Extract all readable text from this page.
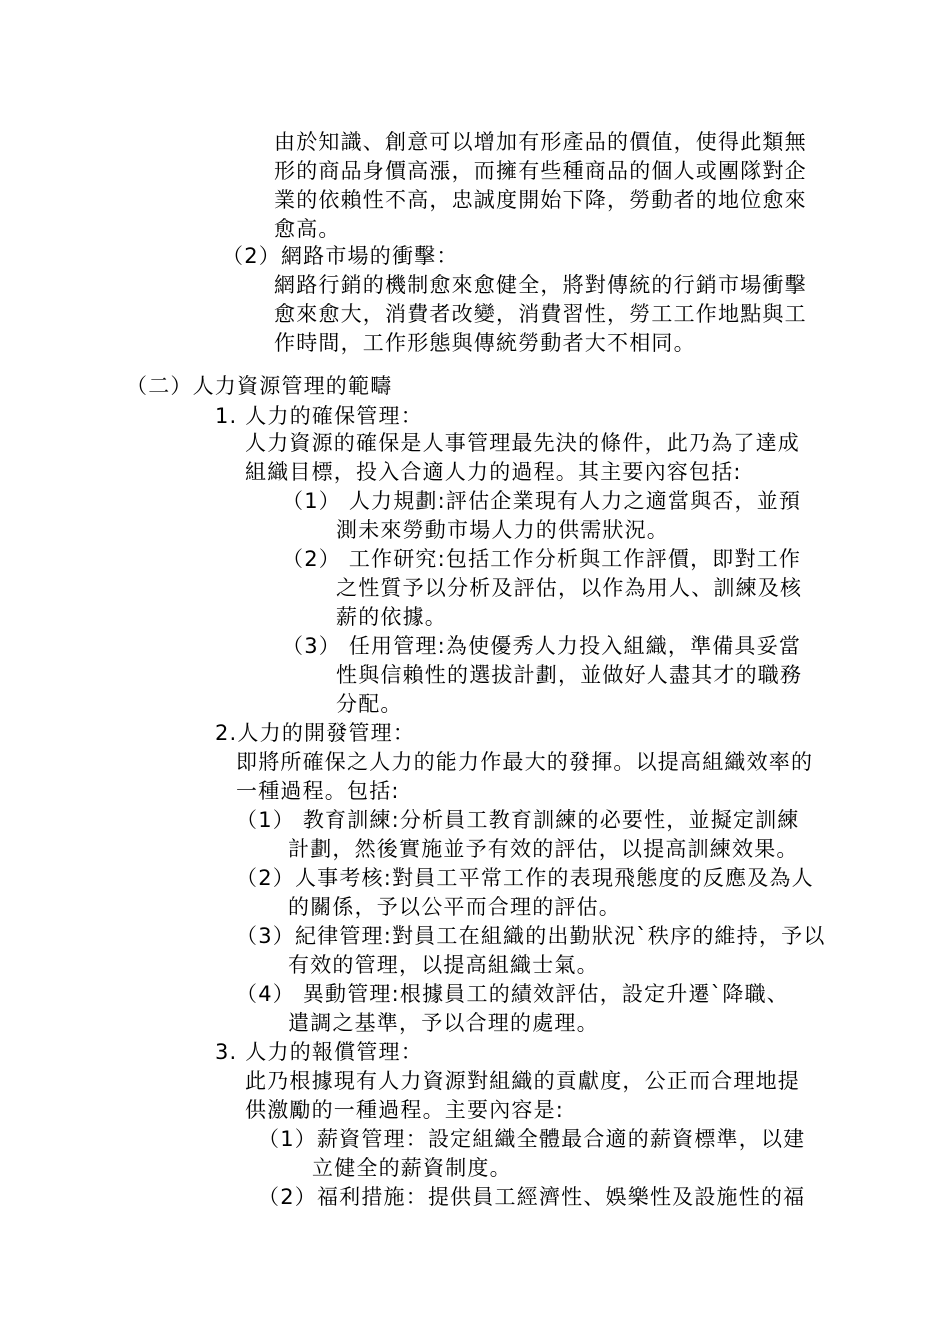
由於知識、創意可以增加有形產品的價值，使得此類無
形的商品身價高漲，而擁有些種商品的個人或團隊對企
業的依賴性不高，忠誠度開始下降，勞動者的地位愈來
愈高。
（2）網路市場的衝擊：
網路行銷的機制愈來愈健全，將對傳統的行銷市場衝擊
愈來愈大，消費者改變，消費習性，勞工工作地點與工
作時間，工作形態與傳統勞動者大不相同。
（二）人力資源管理的範疇
1. 人力的確保管理：
人力資源的確保是人事管理最先決的條件，此乃為了達成
組織目標，投入合適人力的過程。其主要內容包括:
（1） 人力規劃:評估企業現有人力之適當與否，並預
測未來勞動市場人力的供需狀況。
（2） 工作研究:包括工作分析與工作評價，即對工作
之性質予以分析及評估，以作為用人、訓練及核
薪的依據。
（3） 任用管理:為使優秀人力投入組織，準備具妥當
性與信賴性的選拔計劃，並做好人盡其才的職務
分配。
2.人力的開發管理：
即將所確保之人力的能力作最大的發揮。以提高組織效率的
一種過程。包括:
（1） 教育訓練:分析員工教育訓練的必要性，並擬定訓練
計劃，然後實施並予有效的評估，以提高訓練效果。
（2）人事考核:對員工平常工作的表現飛態度的反應及為人
的關係，予以公平而合理的評估。
（3）紀律管理:對員工在組織的出勤狀況`秩序的維持，予以
有效的管理，以提高組織士氣。
（4） 異動管理:根據員工的績效評估，設定升遷`降職、
遣調之基準，予以合理的處理。
3. 人力的報償管理：
此乃根據現有人力資源對組織的貢獻度，公正而合理地提
供激勵的一種過程。主要內容是:
（1）薪資管理：設定組織全體最合適的薪資標準，以建
立健全的薪資制度。
（2）福利措施：提供員工經濟性、娛樂性及設施性的福
